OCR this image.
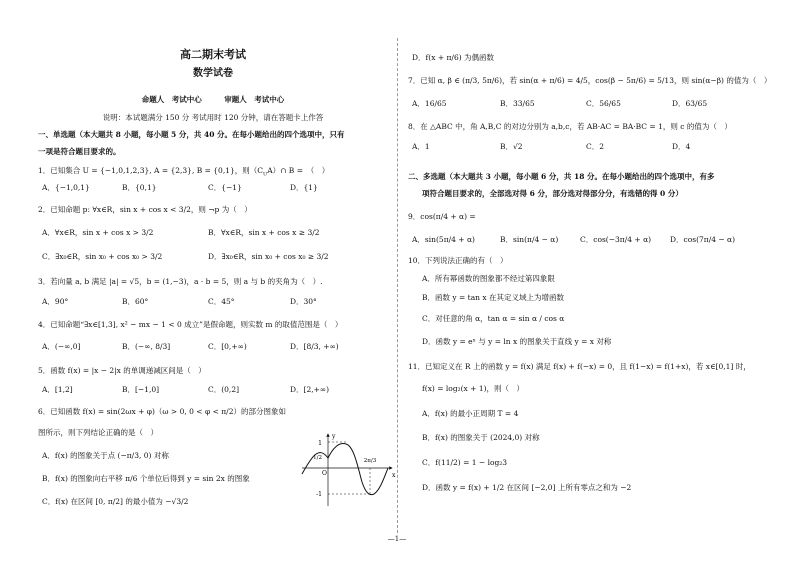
高二期末考试
数学试卷
命题人　考试中心　　　审题人　考试中心
说明：本试题满分 150 分 考试用时 120 分钟，请在答题卡上作答
一、单选题（本大题共 8 小题，每小题 5 分，共 40 分。在每小题给出的四个选项中，只有
一项是符合题目要求的。
1．已知集合 U = {−1,0,1,2,3}, A = {2,3}, B = {0,1}，则$(C_UA)\cap$ B =　（　）
A．{−1,0,1}	B．{0,1}	C．{−1}	D．{1}
2．已知命题 p: ∀x∈R，sin x + cos x < 3/2，则 ¬p 为（　）
A．∀x∈R，sin x + cos x > 3/2	B．∀x∈R，sin x + cos x ≥ 3/2
C．∃x₀∈R，sin x₀ + cos x₀ > 3/2	D．∃x₀∈R，sin x₀ + cos x₀ ≥ 3/2
3．若向量 a, b 满足 |a| = √5，b = (1,−3)，a · b = 5，则 a 与 b 的夹角为（　）.
A．90°	B．60°	C．45°	D．30°
4．已知命题“∃x∈[1,3], x² − mx − 1 < 0 成立”是假命题，则实数 m 的取值范围是（　）
A．(−∞,0]	B．(−∞, 8/3]	C．[0,+∞)	D．[8/3, +∞)
5．函数 f(x) = |x − 2|x 的单调递减区间是（　）
A．[1,2]	B．[−1,0]	C．(0,2]	D．[2,+∞)
6．已知函数 f(x) = sin(2ωx + φ)（ω > 0, 0 < φ < π/2）的部分图象如
图所示，则下列结论正确的是（　）
A．f(x) 的图象关于点 (−π/3, 0) 对称
B．f(x) 的图象向右平移 π/6 个单位后得到 y = sin 2x 的图象
C．f(x) 在区间 [0, π/2] 的最小值为 −√3/2
1
1/2
-1
2π/3
x
y
O
D．f(x + π/6) 为偶函数
7．已知 α, β ∈ (π/3, 5π/6)，若 sin(α + π/6) = 4/5，cos(β − 5π/6) = 5/13，则 sin(α−β) 的值为（　）
A．16/65	B．33/65	C．56/65	D．63/65
8．在 △ABC 中，角 A,B,C 的对边分别为 a,b,c，若 AB·AC = BA·BC = 1，则 c 的值为（　）
A．1	B．√2	C．2	D．4
二、多选题（本大题共 3 小题，每小题 6 分，共 18 分。在每小题给出的四个选项中，有多
项符合题目要求的，全部选对得 6 分，部分选对得部分分，有选错的得 0 分）
9．cos(π/4 + α) =
A．sin(5π/4 + α)	B．sin(π/4 − α)	C．cos(−3π/4 + α)	D．cos(7π/4 − α)
10．下列说法正确的有（　）
A．所有幂函数的图象都不经过第四象限
B．函数 y = tan x 在其定义域上为增函数
C．对任意的角 α，tan α = sin α / cos α
D．函数 y = eˣ 与 y = ln x 的图象关于直线 y = x 对称
11．已知定义在 R 上的函数 y = f(x) 满足 f(x) + f(−x) = 0，且 f(1−x) = f(1+x)，若 x∈[0,1] 时，
f(x) = log₂(x + 1)，则（　）
A．f(x) 的最小正周期 T = 4
B．f(x) 的图象关于 (2024,0) 对称
C．f(11/2) = 1 − log₂3
D．函数 y = f(x) + 1/2 在区间 [−2,0] 上所有零点之和为 −2
—1—
